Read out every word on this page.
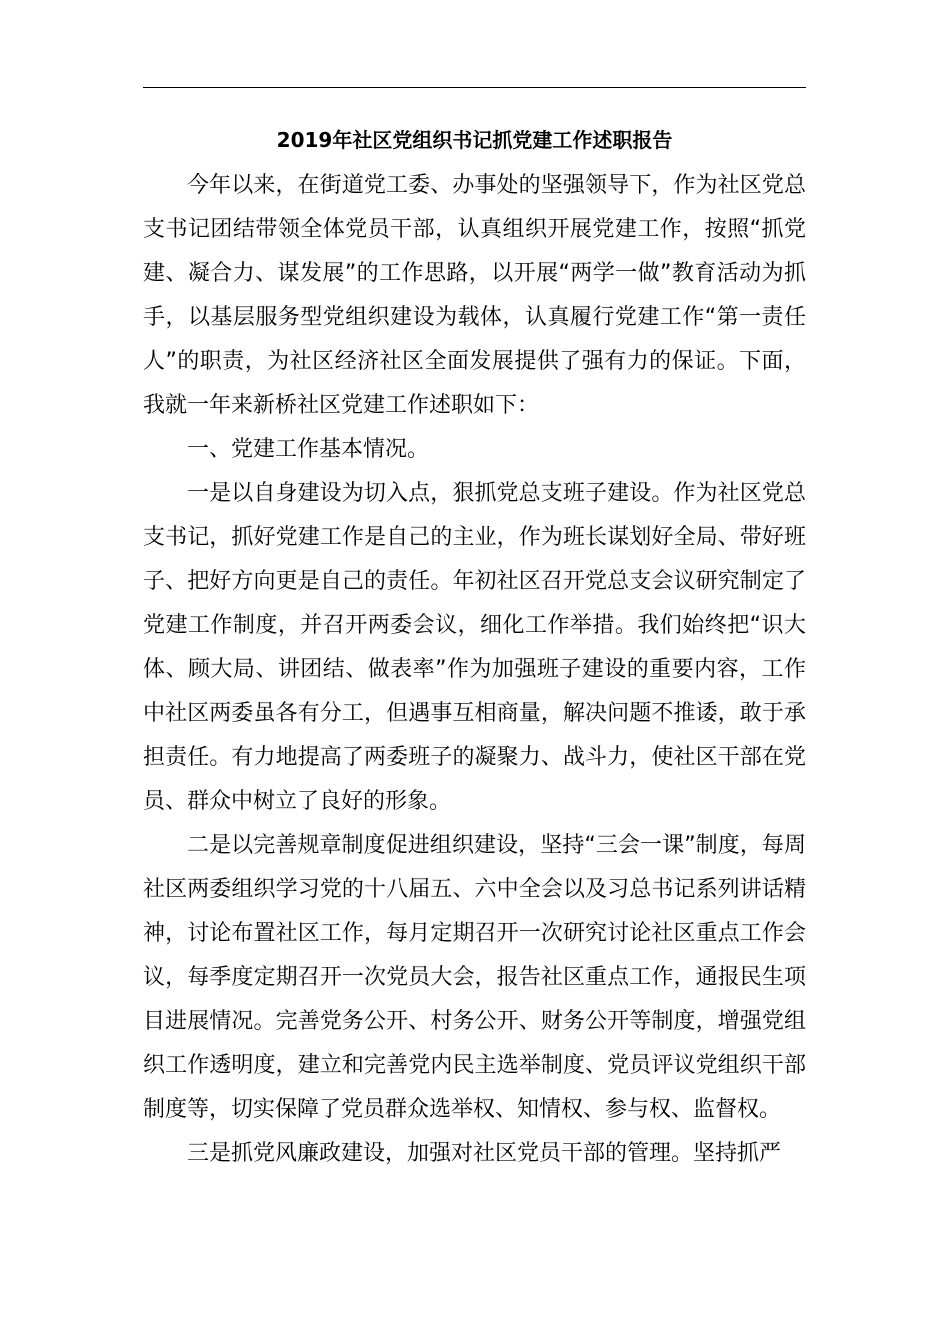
2019年社区党组织书记抓党建工作述职报告

今年以来，在街道党工委、办事处的坚强领导下，作为社区党总支书记团结带领全体党员干部，认真组织开展党建工作，按照“抓党建、凝合力、谋发展”的工作思路，以开展“两学一做”教育活动为抓手，以基层服务型党组织建设为载体，认真履行党建工作“第一责任人”的职责，为社区经济社区全面发展提供了强有力的保证。下面，我就一年来新桥社区党建工作述职如下：

一、党建工作基本情况。

一是以自身建设为切入点，狠抓党总支班子建设。作为社区党总支书记，抓好党建工作是自己的主业，作为班长谋划好全局、带好班子、把好方向更是自己的责任。年初社区召开党总支会议研究制定了党建工作制度，并召开两委会议，细化工作举措。我们始终把“识大体、顾大局、讲团结、做表率”作为加强班子建设的重要内容，工作中社区两委虽各有分工，但遇事互相商量，解决问题不推诿，敢于承担责任。有力地提高了两委班子的凝聚力、战斗力，使社区干部在党员、群众中树立了良好的形象。

二是以完善规章制度促进组织建设，坚持“三会一课”制度，每周社区两委组织学习党的十八届五、六中全会以及习总书记系列讲话精神，讨论布置社区工作，每月定期召开一次研究讨论社区重点工作会议，每季度定期召开一次党员大会，报告社区重点工作，通报民生项目进展情况。完善党务公开、村务公开、财务公开等制度，增强党组织工作透明度，建立和完善党内民主选举制度、党员评议党组织干部制度等，切实保障了党员群众选举权、知情权、参与权、监督权。

三是抓党风廉政建设，加强对社区党员干部的管理。坚持抓严
